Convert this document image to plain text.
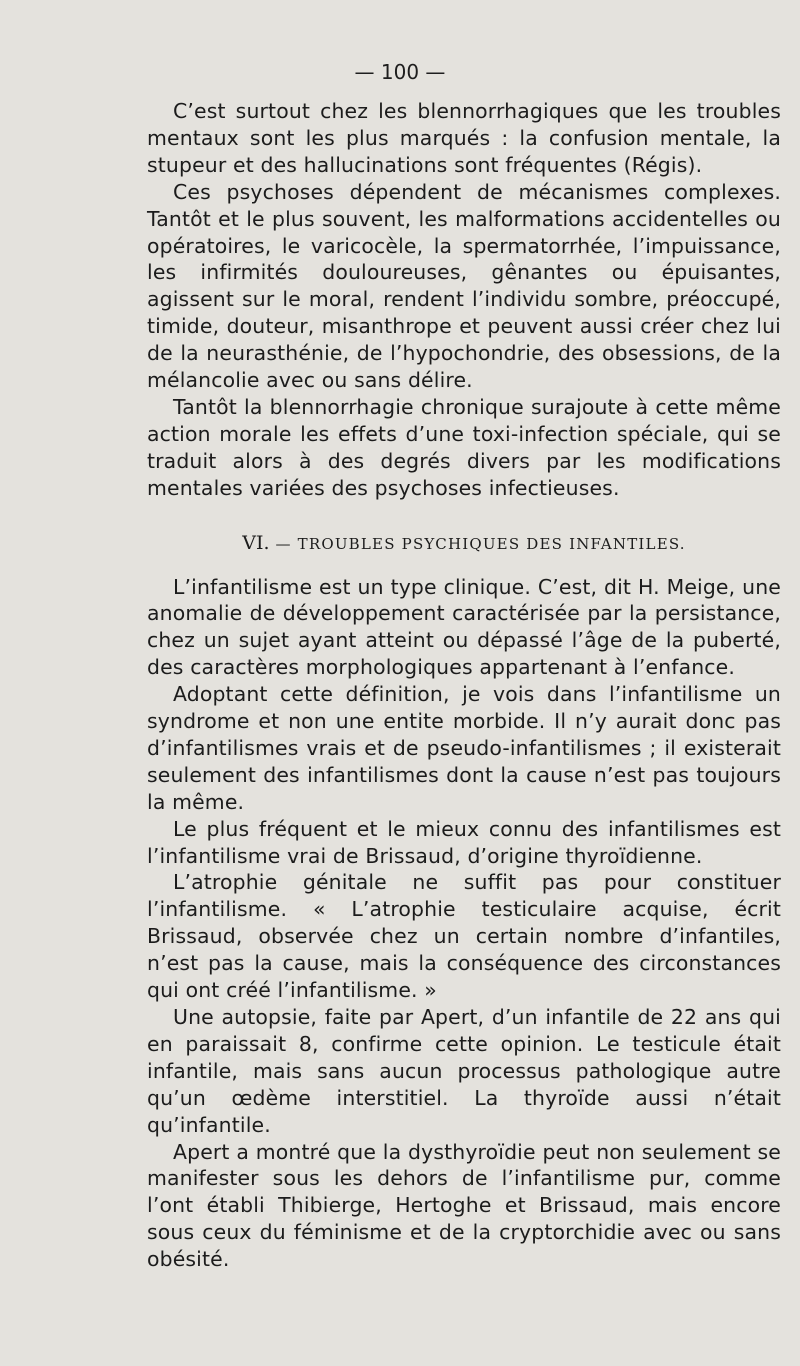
— 100 —

C’est surtout chez les blennorrhagiques que les troubles mentaux sont les plus marqués : la confusion mentale, la stupeur et des hallucinations sont fréquentes (Régis).

Ces psychoses dépendent de mécanismes complexes. Tantôt et le plus souvent, les malformations accidentelles ou opératoires, le varicocèle, la spermatorrhée, l’impuissance, les infirmités douloureuses, gênantes ou épuisantes, agissent sur le moral, rendent l’individu sombre, préoccupé, timide, douteur, misanthrope et peuvent aussi créer chez lui de la neurasthénie, de l’hypochondrie, des obsessions, de la mélancolie avec ou sans délire.

Tantôt la blennorrhagie chronique surajoute à cette même action morale les effets d’une toxi-infection spéciale, qui se traduit alors à des degrés divers par les modifications mentales variées des psychoses infectieuses.

VI. — TROUBLES PSYCHIQUES DES INFANTILES.

L’infantilisme est un type clinique. C’est, dit H. Meige, une anomalie de développement caractérisée par la persistance, chez un sujet ayant atteint ou dépassé l’âge de la puberté, des caractères morphologiques appartenant à l’enfance.

Adoptant cette définition, je vois dans l’infantilisme un syndrome et non une entite morbide. Il n’y aurait donc pas d’infantilismes vrais et de pseudo-infantilismes ; il existerait seulement des infantilismes dont la cause n’est pas toujours la même.

Le plus fréquent et le mieux connu des infantilismes est l’infantilisme vrai de Brissaud, d’origine thyroïdienne.

L’atrophie génitale ne suffit pas pour constituer l’infantilisme. « L’atrophie testiculaire acquise, écrit Brissaud, observée chez un certain nombre d’infantiles, n’est pas la cause, mais la conséquence des circonstances qui ont créé l’infantilisme. »

Une autopsie, faite par Apert, d’un infantile de 22 ans qui en paraissait 8, confirme cette opinion. Le testicule était infantile, mais sans aucun processus pathologique autre qu’un œdème interstitiel. La thyroïde aussi n’était qu’infantile.

Apert a montré que la dysthyroïdie peut non seulement se manifester sous les dehors de l’infantilisme pur, comme l’ont établi Thibierge, Hertoghe et Brissaud, mais encore sous ceux du féminisme et de la cryptorchidie avec ou sans obésité.
